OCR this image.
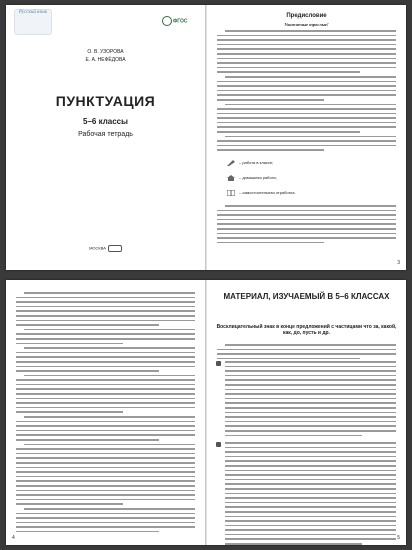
Русский язык
ФГОС
О. В. УЗОРОВА
Е. А. НЕФЁДОВА
ПУНКТУАЦИЯ
5–6 классы
Рабочая тетрадь
МОСКВА
Предисловие
Уважаемые взрослые!
– работа в классе;
– домашняя работа;
– самостоятельная отработка.
3
4
МАТЕРИАЛ, ИЗУЧАЕМЫЙ В 5–6 КЛАССАХ
Восклицательный знак в конце предложений с частицами что за, какой, как, до, пусть и др.
5
